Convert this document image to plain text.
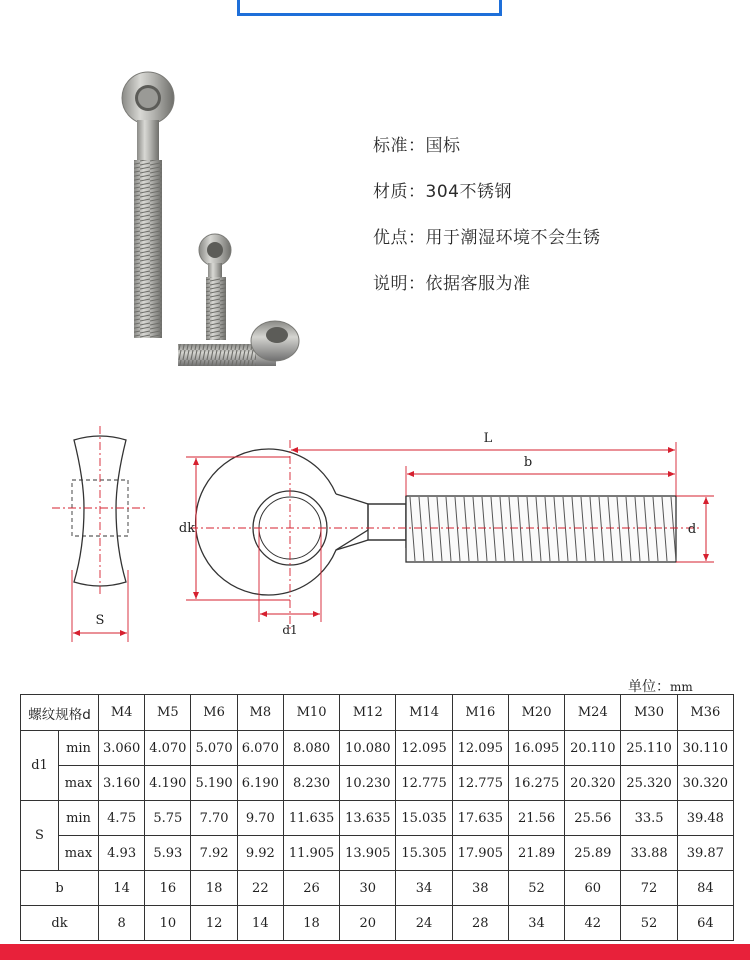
标准：国标
材质：304不锈钢
优点：用于潮湿环境不会生锈
说明：依据客服为准
S
L
b
d
dk
d1
单位：mm
螺纹规格d		M4	M5	M6	M8	M10	M12	M14	M16	M20	M24	M30	M36
d1	min	3.060	4.070	5.070	6.070	8.080	10.080	12.095	12.095	16.095	20.110	25.110	30.110
	max	3.160	4.190	5.190	6.190	8.230	10.230	12.775	12.775	16.275	20.320	25.320	30.320
S	min	4.75	5.75	7.70	9.70	11.635	13.635	15.035	17.635	21.56	25.56	33.5	39.48
	max	4.93	5.93	7.92	9.92	11.905	13.905	15.305	17.905	21.89	25.89	33.88	39.87
b		14	16	18	22	26	30	34	38	52	60	72	84
dk		8	10	12	14	18	20	24	28	34	42	52	64
